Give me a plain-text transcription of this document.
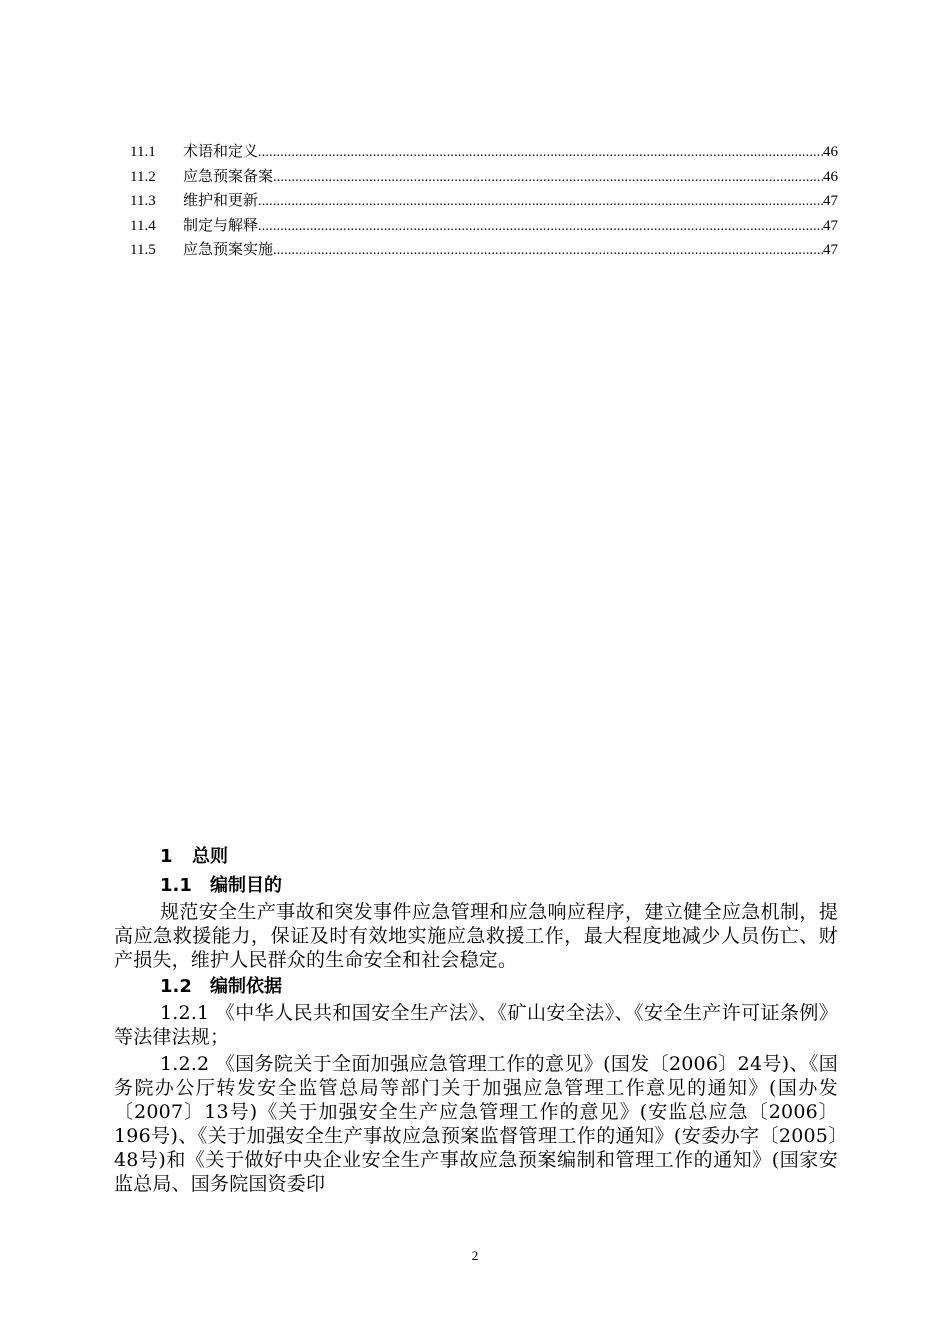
11.1	术语和定义 .....	46
11.2	应急预案备案 .....	46
11.3	维护和更新 .....	47
11.4	制定与解释 .....	47
11.5	应急预案实施 .....	47
1 总则
1.1 编制目的

规范安全生产事故和突发事件应急管理和应急响应程序，建立健全应急机制，提高应急救援能力，保证及时有效地实施应急救援工作，最大程度地减少人员伤亡、财产损失，维护人民群众的生命安全和社会稳定。

1.2 编制依据

1.2.1 《中华人民共和国安全生产法》、《矿山安全法》、《安全生产许可证条例》等法律法规；

1.2.2 《国务院关于全面加强应急管理工作的意见》(国发〔2006〕24号)、《国务院办公厅转发安全监管总局等部门关于加强应急管理工作意见的通知》(国办发〔2007〕13号)《关于加强安全生产应急管理工作的意见》(安监总应急〔2006〕196号)、《关于加强安全生产事故应急预案监督管理工作的通知》(安委办字〔2005〕48号)和《关于做好中央企业安全生产事故应急预案编制和管理工作的通知》(国家安监总局、国务院国资委印

2
